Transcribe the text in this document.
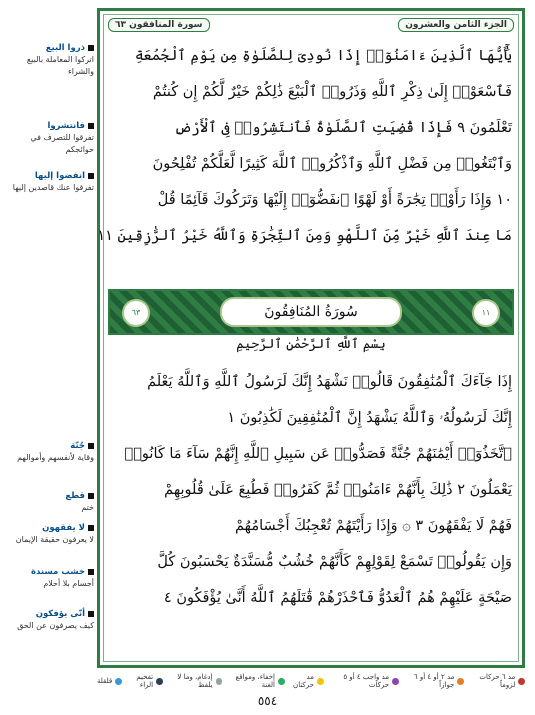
ذروا البيع
اتركوا المعاملة بالبيع والشراء
فانتشروا
تفرقوا للتصرف في حوائجكم
انفضوا إليها
تفرقوا عنك قاصدين إليها
جُنّة
وقاية لأنفسهم وأموالهم
قطع
ختم
لا يفقهون
لا يعرفون حقيقة الإيمان
خشب مسندة
أجسام بلا أحلام
أنّى يؤفكون
كيف يصرفون عن الحق
الجزء الثامن والعشرون
سورة المنافقون ٦٣
يَٰٓأَيُّهَا ٱلَّذِينَ ءَامَنُوٓا۟ إِذَا نُودِىَ لِلصَّلَوٰةِ مِن يَوْمِ ٱلْجُمُعَةِ
فَٱسْعَوْا۟ إِلَىٰ ذِكْرِ ٱللَّهِ وَذَرُوا۟ ٱلْبَيْعَ ذَٰلِكُمْ خَيْرٌ لَّكُمْ إِن كُنتُمْ
تَعْلَمُونَ ٩ فَإِذَا قُضِيَتِ ٱلصَّلَوٰةُ فَٱنتَشِرُوا۟ فِى ٱلْأَرْضِ
وَٱبْتَغُوا۟ مِن فَضْلِ ٱللَّهِ وَٱذْكُرُوا۟ ٱللَّهَ كَثِيرًا لَّعَلَّكُمْ تُفْلِحُونَ
١٠ وَإِذَا رَأَوْا۟ تِجَٰرَةً أَوْ لَهْوًا ٱنفَضُّوٓا۟ إِلَيْهَا وَتَرَكُوكَ قَآئِمًا قُلْ
مَا عِندَ ٱللَّهِ خَيْرٌ مِّنَ ٱللَّهْوِ وَمِنَ ٱلتِّجَٰرَةِ وَٱللَّهُ خَيْرُ ٱلرَّٰزِقِينَ ١١
١١
سُورَةُ المُنَافِقُونَ
٦٣
بِسْمِ ٱللَّهِ ٱلرَّحْمَٰنِ ٱلرَّحِيمِ
إِذَا جَآءَكَ ٱلْمُنَٰفِقُونَ قَالُوا۟ نَشْهَدُ إِنَّكَ لَرَسُولُ ٱللَّهِ وَٱللَّهُ يَعْلَمُ
إِنَّكَ لَرَسُولُهُۥ وَٱللَّهُ يَشْهَدُ إِنَّ ٱلْمُنَٰفِقِينَ لَكَٰذِبُونَ ١
ٱتَّخَذُوٓا۟ أَيْمَٰنَهُمْ جُنَّةً فَصَدُّوا۟ عَن سَبِيلِ ٱللَّهِ إِنَّهُمْ سَآءَ مَا كَانُوا۟
يَعْمَلُونَ ٢ ذَٰلِكَ بِأَنَّهُمْ ءَامَنُوا۟ ثُمَّ كَفَرُوا۟ فَطُبِعَ عَلَىٰ قُلُوبِهِمْ
فَهُمْ لَا يَفْقَهُونَ ٣ ۞ وَإِذَا رَأَيْتَهُمْ تُعْجِبُكَ أَجْسَامُهُمْ
وَإِن يَقُولُوا۟ تَسْمَعْ لِقَوْلِهِمْ كَأَنَّهُمْ خُشُبٌ مُّسَنَّدَةٌ يَحْسَبُونَ كُلَّ
صَيْحَةٍ عَلَيْهِمْ هُمُ ٱلْعَدُوُّ فَٱحْذَرْهُمْ قَٰتَلَهُمُ ٱللَّهُ أَنَّىٰ يُؤْفَكُونَ ٤
مد ٦ حركات لزوماً
مد ٢ أو ٤ أو ٦ جوازاً
مد واجب ٤ أو ٥ حركات
مد حركتان
إخفاء، ومواقع الغنة
إدغام، وما لا يلفظ
تفخيم الراء
قلقلة
٥٥٤
